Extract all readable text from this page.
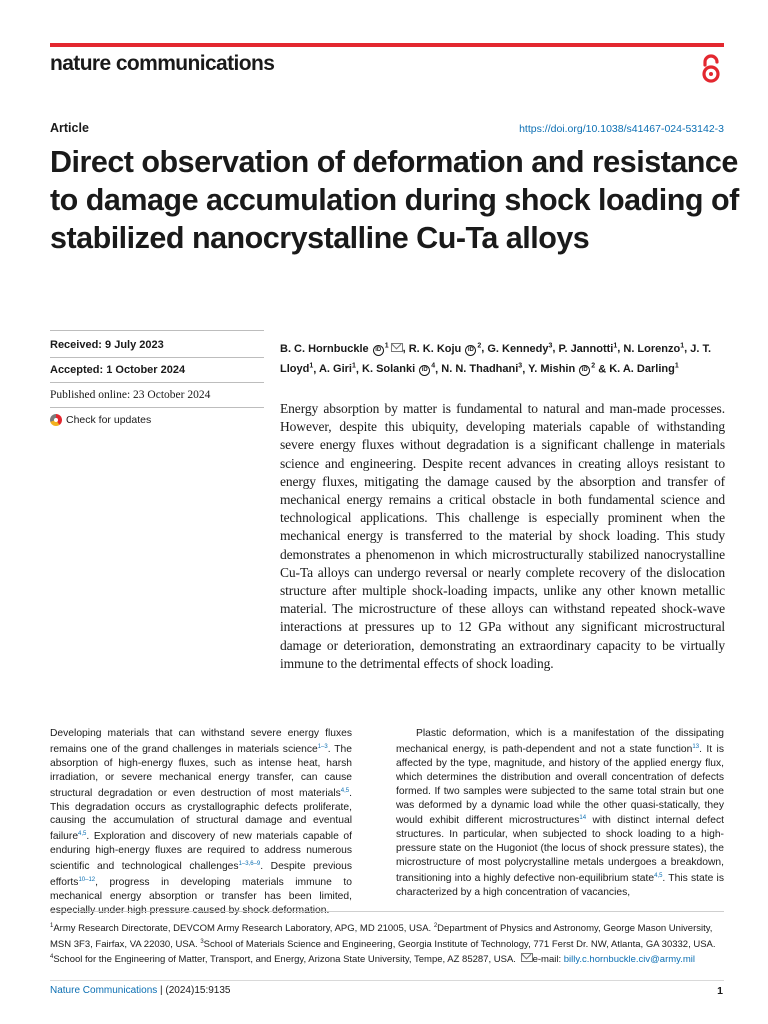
nature communications
Article	https://doi.org/10.1038/s41467-024-53142-3
Direct observation of deformation and resistance to damage accumulation during shock loading of stabilized nanocrystalline Cu-Ta alloys
Received: 9 July 2023
Accepted: 1 October 2024
Published online: 23 October 2024
Check for updates

B. C. Hornbuckle $iD^1$ , R. K. Koju $iD^2$, G. Kennedy$^3$, P. Jannotti$^1$, N. Lorenzo$^1$, J. T. Lloyd$^1$, A. Giri$^1$, K. Solanki $iD^4$, N. N. Thadhani$^3$, Y. Mishin $iD^2$ & K. A. Darling$^1$

Energy absorption by matter is fundamental to natural and man-made processes. However, despite this ubiquity, developing materials capable of withstanding severe energy fluxes without degradation is a significant challenge in materials science and engineering. Despite recent advances in creating alloys resistant to energy fluxes, mitigating the damage caused by the absorption and transfer of mechanical energy remains a critical obstacle in both fundamental science and technological applications. This challenge is especially prominent when the mechanical energy is transferred to the material by shock loading. This study demonstrates a phenomenon in which microstructurally stabilized nanocrystalline Cu-Ta alloys can undergo reversal or nearly complete recovery of the dislocation structure after multiple shock-loading impacts, unlike any other known metallic material. The microstructure of these alloys can withstand repeated shock-wave interactions at pressures up to 12 GPa without any significant microstructural damage or deterioration, demonstrating an extraordinary capacity to be virtually immune to the detrimental effects of shock loading.

Developing materials that can withstand severe energy fluxes remains one of the grand challenges in materials science$^{1-3}$. The absorption of high-energy fluxes, such as intense heat, harsh irradiation, or severe mechanical energy transfer, can cause structural degradation or even destruction of most materials$^{4,5}$. This degradation occurs as crystallographic defects proliferate, causing the accumulation of structural damage and eventual failure$^{4,5}$. Exploration and discovery of new materials capable of enduring high-energy fluxes are required to address numerous scientific and technological challenges$^{1-3,6-9}$. Despite previous efforts$^{10-12}$, progress in developing materials immune to mechanical energy absorption or transfer has been limited,

Plastic deformation, which is a manifestation of the dissipating mechanical energy, is path-dependent and not a state function$^{13}$. It is affected by the type, magnitude, and history of the applied energy flux, which determines the distribution and overall concentration of defects formed. If two samples were subjected to the same total strain but one was deformed by a dynamic load while the other quasi-statically, they would exhibit different microstructures$^{14}$ with distinct internal defect structures. In particular, when subjected to shock loading to a high-pressure state on the Hugoniot (the locus of shock pressure states), the microstructure of most polycrystalline metals undergoes a breakdown, transitioning into a highly defective non-equilibrium state$^{4,5}$. This state is characterized by a high concentration of vacancies,

$^1$Army Research Directorate, DEVCOM Army Research Laboratory, APG, MD 21005, USA. $^2$Department of Physics and Astronomy, George Mason University,
MSN 3F3, Fairfax, VA 22030, USA. $^3$School of Materials Science and Engineering, Georgia Institute of Technology, 771 Ferst Dr. NW, Atlanta, GA 30332, USA.
$^4$School for the Engineering of Matter, Transport, and Energy, Arizona State University, Tempe, AZ 85287, USA. e-mail: billy.c.hornbuckle.civ@army.mil

Nature Communications | (2024)15:9135	1
